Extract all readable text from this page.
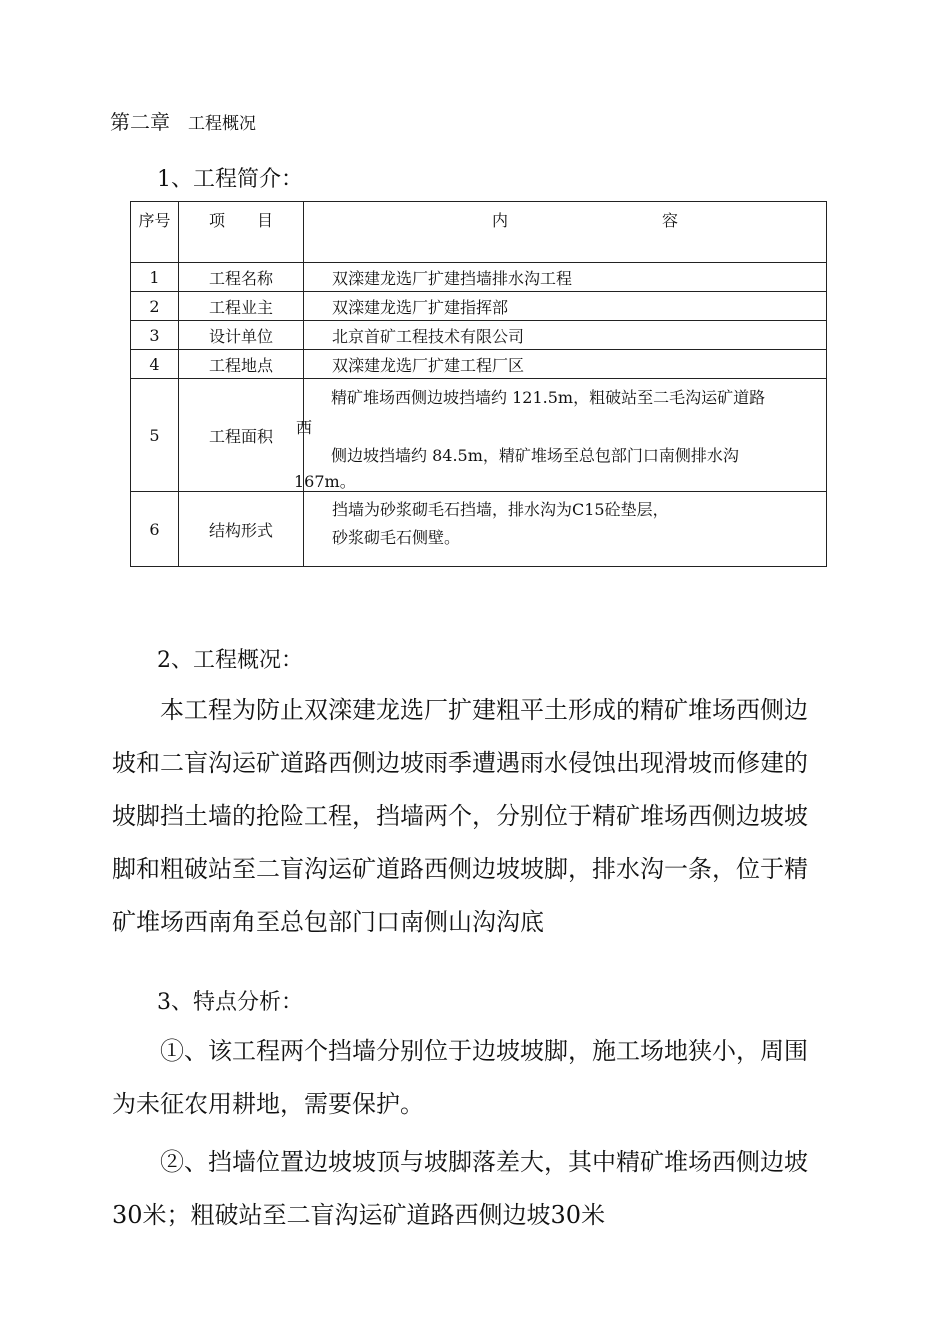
第二章 工程概况
1、工程简介：
序号	项　　目	内 容

1	工程名称	双滦建龙选厂扩建挡墙排水沟工程
2	工程业主	双滦建龙选厂扩建指挥部
3	设计单位	北京首矿工程技术有限公司
4	工程地点	双滦建龙选厂扩建工程厂区
5	工程面积	精矿堆场西侧边坡挡墙约 121.5m，粗破站至二毛沟运矿道路
西
侧边坡挡墙约 84.5m，精矿堆场至总包部门口南侧排水沟
167m。

6	结构形式	挡墙为砂浆砌毛石挡墙，排水沟为C15砼垫层，
砂浆砌毛石侧壁。
2、工程概况：
本工程为防止双滦建龙选厂扩建粗平土形成的精矿堆场西侧边
坡和二盲沟运矿道路西侧边坡雨季遭遇雨水侵蚀出现滑坡而修建的
坡脚挡土墙的抢险工程，挡墙两个，分别位于精矿堆场西侧边坡坡
脚和粗破站至二盲沟运矿道路西侧边坡坡脚，排水沟一条，位于精
矿堆场西南角至总包部门口南侧山沟沟底
3、特点分析：
①、该工程两个挡墙分别位于边坡坡脚，施工场地狭小，周围
为未征农用耕地，需要保护。
②、挡墙位置边坡坡顶与坡脚落差大，其中精矿堆场西侧边坡
30米；粗破站至二盲沟运矿道路西侧边坡30米
